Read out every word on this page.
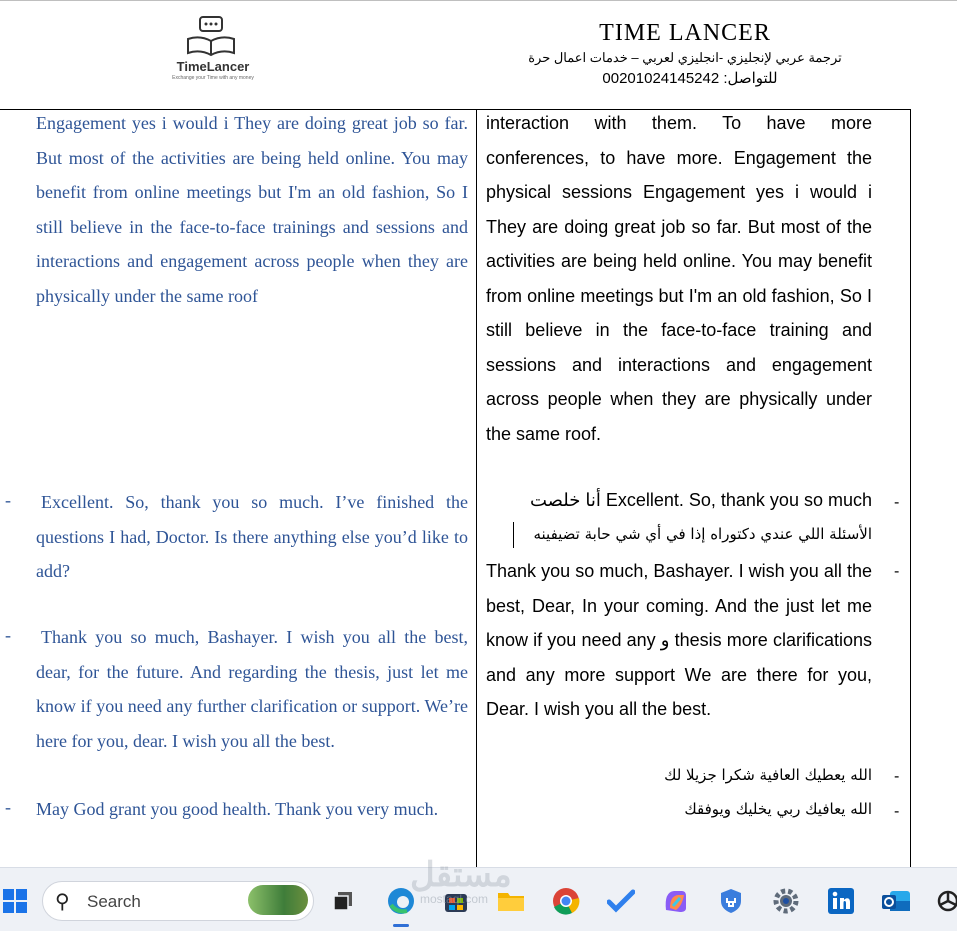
TimeLancer
Exchange your Time with any money
TIME LANCER
ترجمة عربي لإنجليزي -انجليزي لعربي – خدمات اعمال حرة
للتواصل: 00201024145242
Engagement yes i would i They are doing great job so far. But most of the activities are being held online. You may benefit from online meetings but I'm an old fashion, So I still believe in the face-to-face trainings and sessions and interactions and engagement across people when they are physically under the same roof
- Excellent. So, thank you so much. I’ve finished the questions I had, Doctor. Is there anything else you’d like to add?
- Thank you so much, Bashayer. I wish you all the best, dear, for the future. And regarding the thesis, just let me know if you need any further clarification or support. We’re here for you, dear. I wish you all the best.
- May God grant you good health. Thank you very much.
interaction with them. To have more conferences, to have more. Engagement the physical sessions Engagement yes i would i They are doing great job so far. But most of the activities are being held online. You may benefit from online meetings but I'm an old fashion, So I still believe in the face-to-face training and sessions and interactions and engagement across people when they are physically under the same roof.
-
أنا خلصت Excellent. So, thank you so much
الأسئلة اللي عندي دكتوراه إذا في أي شي حابة تضيفينه
-
Thank you so much, Bashayer. I wish you all the best, Dear, In your coming. And the just let me know if you need any و thesis more clarifications and any more support We are there for you, Dear. I wish you all the best.
-
الله يعطيك العافية شكرا جزيلا لك
-
الله يعافيك ربي يخليك ويوفقك
⚲ Search
مستقل
mostaql.com
